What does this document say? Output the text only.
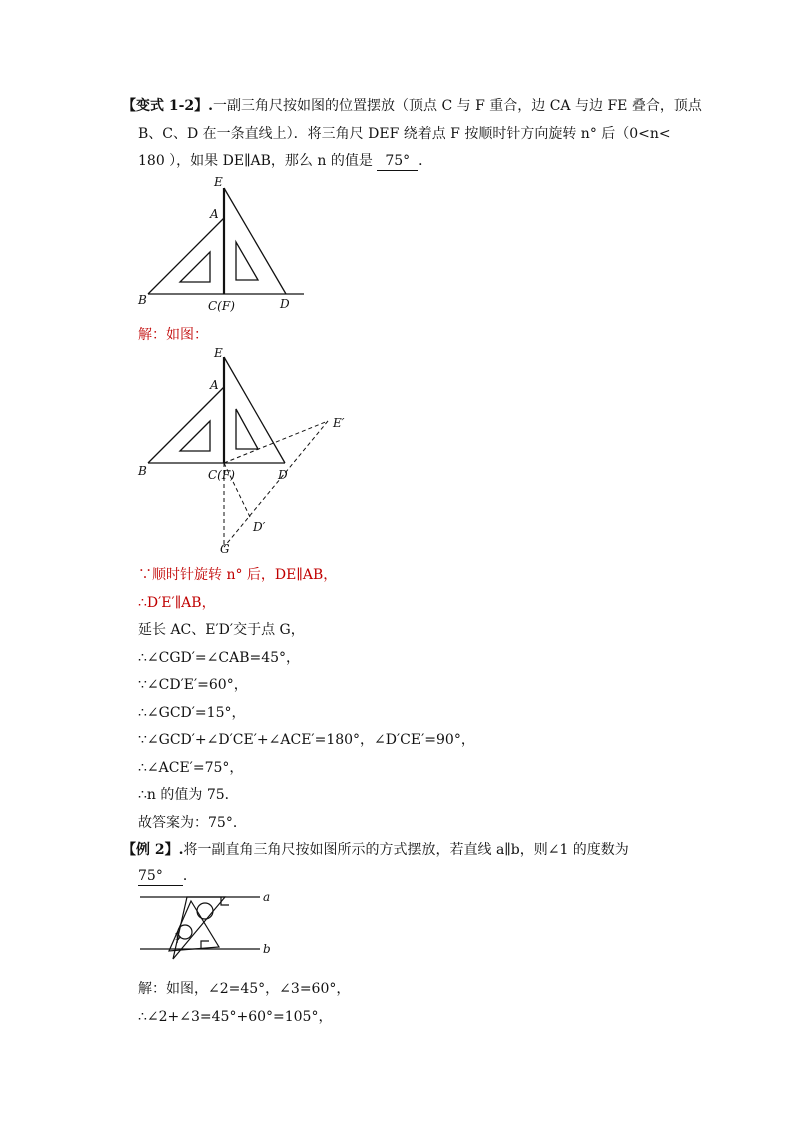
【变式 1-2】.一副三角尺按如图的位置摆放（顶点 C 与 F 重合，边 CA 与边 FE 叠合，顶点
B、C、D 在一条直线上）．将三角尺 DEF 绕着点 F 按顺时针方向旋转 n° 后（0<n<
180 ），如果 DE∥AB，那么 n 的值是 75° ．
E
A
B	C(F)	D
解：如图：
E
A
B	C(F)	D
E′
D′
G
∵顺时针旋转 n° 后，DE∥AB，
∴D′E′∥AB，
延长 AC、E′D′交于点 G，
∴∠CGD′=∠CAB=45°，
∵∠CD′E′=60°，
∴∠GCD′=15°，
∵∠GCD′+∠D′CE′+∠ACE′=180°，∠D′CE′=90°，
∴∠ACE′=75°，
∴n 的值为 75．
故答案为：75°．
【例 2】.将一副直角三角尺按如图所示的方式摆放，若直线 a∥b，则∠1 的度数为
75° ．
1
a
b
解：如图，∠2=45°，∠3=60°，
∴∠2+∠3=45°+60°=105°，
